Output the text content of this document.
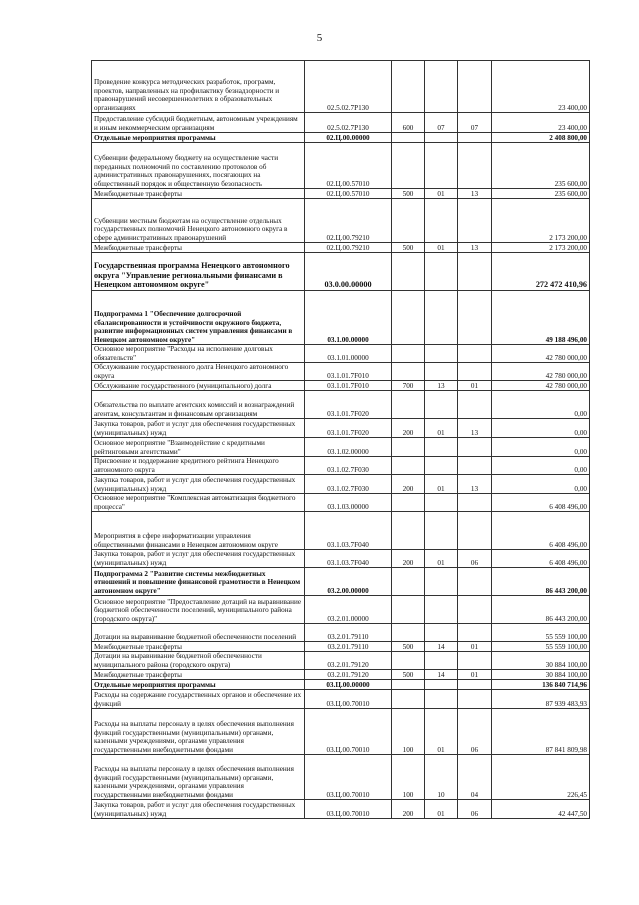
5
Проведение конкурса методических разработок, программ, проектов, направленных на профилактику безнадзорности и правонарушений несовершеннолетних в образовательных организациях	02.5.02.7Р130				23 400,00
Предоставление субсидий бюджетным, автономным учреждениям и иным некоммерческим организациям	02.5.02.7Р130	600	07	07	23 400,00
Отдельные мероприятия программы	02.Ц.00.00000				2 408 800,00
Субвенции федеральному бюджету на осуществление части переданных полномочий по составлению протоколов об административных правонарушениях, посягающих на общественный порядок и общественную безопасность	02.Ц.00.57010				235 600,00
Межбюджетные трансферты	02.Ц.00.57010	500	01	13	235 600,00
Субвенции местным бюджетам на осуществление отдельных государственных полномочий Ненецкого автономного округа в сфере административных правонарушений	02.Ц.00.79210				2 173 200,00
Межбюджетные трансферты	02.Ц.00.79210	500	01	13	2 173 200,00
Государственная программа Ненецкого автономного округа "Управление региональными финансами в Ненецком автономном округе"	03.0.00.00000				272 472 410,96
Подпрограмма 1 "Обеспечение долгосрочной сбалансированности и устойчивости окружного бюджета, развитие информационных систем управления финансами в Ненецком автономном округе"	03.1.00.00000				49 188 496,00
Основное мероприятие "Расходы на исполнение долговых обязательств"	03.1.01.00000				42 780 000,00
Обслуживание государственного долга Ненецкого автономного округа	03.1.01.7F010				42 780 000,00
Обслуживание государственного (муниципального) долга	03.1.01.7F010	700	13	01	42 780 000,00
Обязательства по выплате агентских комиссий и вознаграждений агентам, консультантам и финансовым организациям	03.1.01.7F020				0,00
Закупка товаров, работ и услуг для обеспечения государственных (муниципальных) нужд	03.1.01.7F020	200	01	13	0,00
Основное мероприятие "Взаимодействие с кредитными рейтинговыми агентствами"	03.1.02.00000				0,00
Присвоение и поддержание кредитного рейтинга Ненецкого автономного округа	03.1.02.7F030				0,00
Закупка товаров, работ и услуг для обеспечения государственных (муниципальных) нужд	03.1.02.7F030	200	01	13	0,00
Основное мероприятие "Комплексная автоматизация бюджетного процесса"	03.1.03.00000				6 408 496,00
Мероприятия в сфере информатизации управления общественными финансами в Ненецком автономном округе	03.1.03.7F040				6 408 496,00
Закупка товаров, работ и услуг для обеспечения государственных (муниципальных) нужд	03.1.03.7F040	200	01	06	6 408 496,00
Подпрограмма 2 "Развитие системы межбюджетных отношений и повышение финансовой грамотности в Ненецком автономном округе"	03.2.00.00000				86 443 200,00
Основное мероприятие "Предоставление дотаций на выравнивание бюджетной обеспеченности поселений, муниципального района (городского округа)"	03.2.01.00000				86 443 200,00
Дотации на выравнивание бюджетной обеспеченности поселений	03.2.01.79110				55 559 100,00
Межбюджетные трансферты	03.2.01.79110	500	14	01	55 559 100,00
Дотации на выравнивание бюджетной обеспеченности муниципального района (городского округа)	03.2.01.79120				30 884 100,00
Межбюджетные трансферты	03.2.01.79120	500	14	01	30 884 100,00
Отдельные мероприятия программы	03.Ц.00.00000				136 840 714,96
Расходы на содержание государственных органов и обеспечение их функций	03.Ц.00.70010				87 939 483,93
Расходы на выплаты персоналу в целях обеспечения выполнения функций государственными (муниципальными) органами, казенными учреждениями, органами управления государственными внебюджетными фондами	03.Ц.00.70010	100	01	06	87 841 809,98
Расходы на выплаты персоналу в целях обеспечения выполнения функций государственными (муниципальными) органами, казенными учреждениями, органами управления государственными внебюджетными фондами	03.Ц.00.70010	100	10	04	226,45
Закупка товаров, работ и услуг для обеспечения государственных (муниципальных) нужд	03.Ц.00.70010	200	01	06	42 447,50
